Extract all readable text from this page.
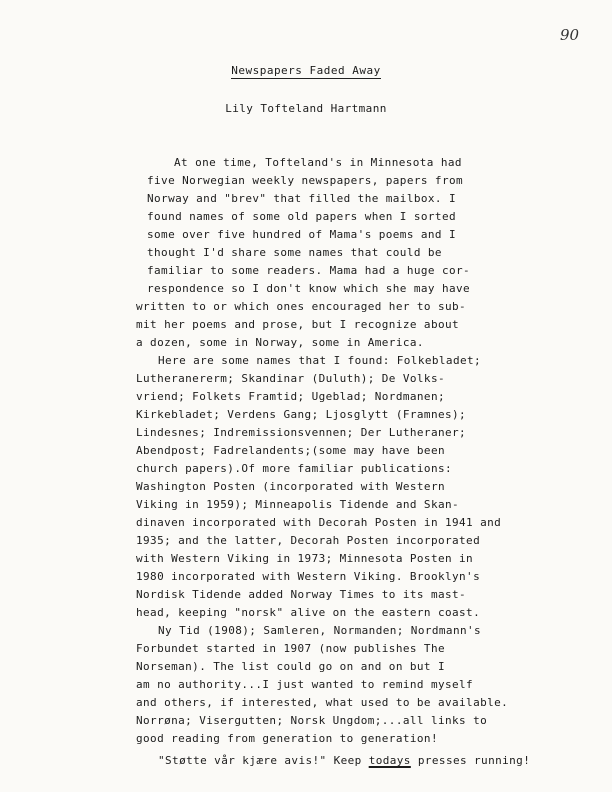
90
Newspapers Faded Away
Lily Tofteland Hartmann
At one time, Tofteland's in Minnesota had
five Norwegian weekly newspapers, papers from
Norway and "brev" that filled the mailbox. I
found names of some old papers when I sorted
some over five hundred of Mama's poems and I
thought I'd share some names that could be
familiar to some readers. Mama had a huge cor-
respondence so I don't know which she may have
written to or which ones encouraged her to sub-
mit her poems and prose, but I recognize about
a dozen, some in Norway, some in America.
Here are some names that I found: Folkebladet;
Lutheranererm; Skandinar (Duluth); De Volks-
vriend; Folkets Framtid; Ugeblad; Nordmanen;
Kirkebladet; Verdens Gang; Ljosglytt (Framnes);
Lindesnes; Indremissionsvennen; Der Lutheraner;
Abendpost; Fadrelandents;(some may have been
church papers).Of more familiar publications:
Washington Posten (incorporated with Western
Viking in 1959); Minneapolis Tidende and Skan-
dinaven incorporated with Decorah Posten in 1941 and
1935; and the latter, Decorah Posten incorporated
with Western Viking in 1973; Minnesota Posten in
1980 incorporated with Western Viking. Brooklyn's
Nordisk Tidende added Norway Times to its mast-
head, keeping "norsk" alive on the eastern coast.
Ny Tid (1908); Samleren, Normanden; Nordmann's
Forbundet started in 1907 (now publishes The
Norseman). The list could go on and on but I
am no authority...I just wanted to remind myself
and others, if interested, what used to be available.
Norrøna; Visergutten; Norsk Ungdom;...all links to
good reading from generation to generation!
"Støtte vår kjære avis!" Keep todays presses running!
